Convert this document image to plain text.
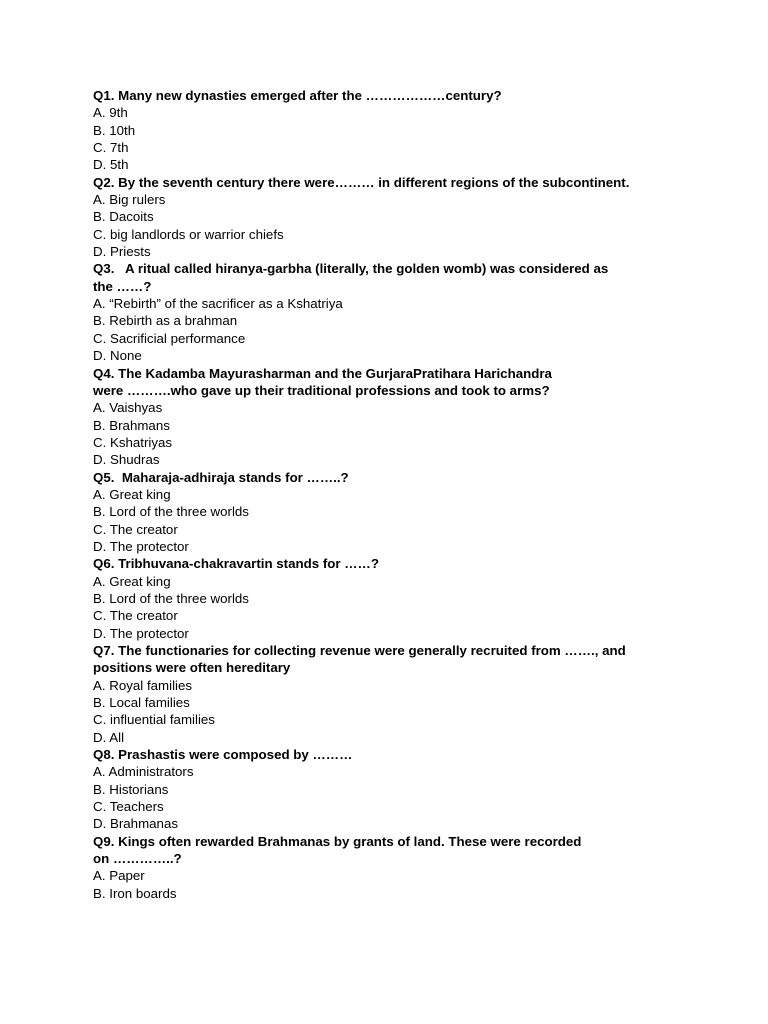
Q1. Many new dynasties emerged after the ………………century?

A. 9th

B. 10th

C. 7th

D. 5th

Q2. By the seventh century there were……… in different regions of the subcontinent.

A. Big rulers

B. Dacoits

C. big landlords or warrior chiefs

D. Priests

Q3.   A ritual called hiranya-garbha (literally, the golden womb) was considered as

the ……?

A. “Rebirth” of the sacrificer as a Kshatriya

B. Rebirth as a brahman

C. Sacrificial performance

D. None

Q4. The Kadamba Mayurasharman and the GurjaraPratihara Harichandra

were ……….who gave up their traditional professions and took to arms?

A. Vaishyas

B. Brahmans

C. Kshatriyas

D. Shudras

Q5.  Maharaja-adhiraja stands for ……..?

A. Great king

B. Lord of the three worlds

C. The creator

D. The protector

Q6. Tribhuvana-chakravartin stands for ……?

A. Great king

B. Lord of the three worlds

C. The creator

D. The protector

Q7. The functionaries for collecting revenue were generally recruited from ……., and

positions were often hereditary

A. Royal families

B. Local families

C. influential families

D. All

Q8. Prashastis were composed by ………

A. Administrators

B. Historians

C. Teachers

D. Brahmanas

Q9. Kings often rewarded Brahmanas by grants of land. These were recorded

on …………..?

A. Paper

B. Iron boards
